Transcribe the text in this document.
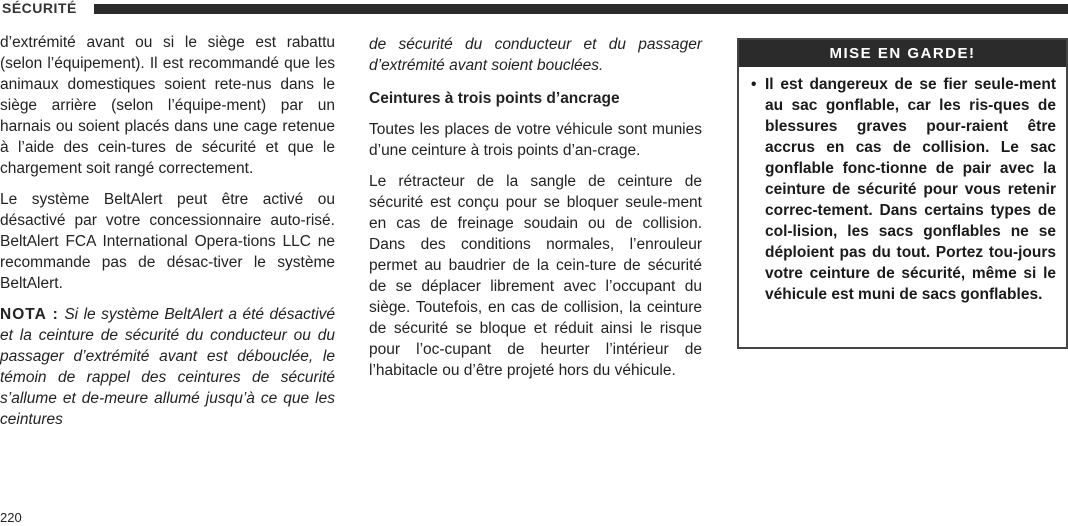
SÉCURITÉ

d’extrémité avant ou si le siège est rabattu (selon l’équipement). Il est recommandé que les animaux domestiques soient rete-nus dans le siège arrière (selon l’équipe-ment) par un harnais ou soient placés dans une cage retenue à l’aide des cein-tures de sécurité et que le chargement soit rangé correctement.

Le système BeltAlert peut être activé ou désactivé par votre concessionnaire auto-risé. BeltAlert FCA International Opera-tions LLC ne recommande pas de désac-tiver le système BeltAlert.

NOTA : Si le système BeltAlert a été désactivé et la ceinture de sécurité du conducteur ou du passager d’extrémité avant est débouclée, le témoin de rappel des ceintures de sécurité s’allume et de-meure allumé jusqu’à ce que les ceintures

de sécurité du conducteur et du passager d’extrémité avant soient bouclées.

Ceintures à trois points d’ancrage

Toutes les places de votre véhicule sont munies d’une ceinture à trois points d’an-crage.

Le rétracteur de la sangle de ceinture de sécurité est conçu pour se bloquer seule-ment en cas de freinage soudain ou de collision. Dans des conditions normales, l’enrouleur permet au baudrier de la cein-ture de sécurité de se déplacer librement avec l’occupant du siège. Toutefois, en cas de collision, la ceinture de sécurité se bloque et réduit ainsi le risque pour l’oc-cupant de heurter l’intérieur de l’habitacle ou d’être projeté hors du véhicule.

MISE EN GARDE!
• Il est dangereux de se fier seule-ment au sac gonflable, car les ris-ques de blessures graves pour-raient être accrus en cas de collision. Le sac gonflable fonc-tionne de pair avec la ceinture de sécurité pour vous retenir correc-tement. Dans certains types de col-lision, les sacs gonflables ne se déploient pas du tout. Portez tou-jours votre ceinture de sécurité, même si le véhicule est muni de sacs gonflables.
220
